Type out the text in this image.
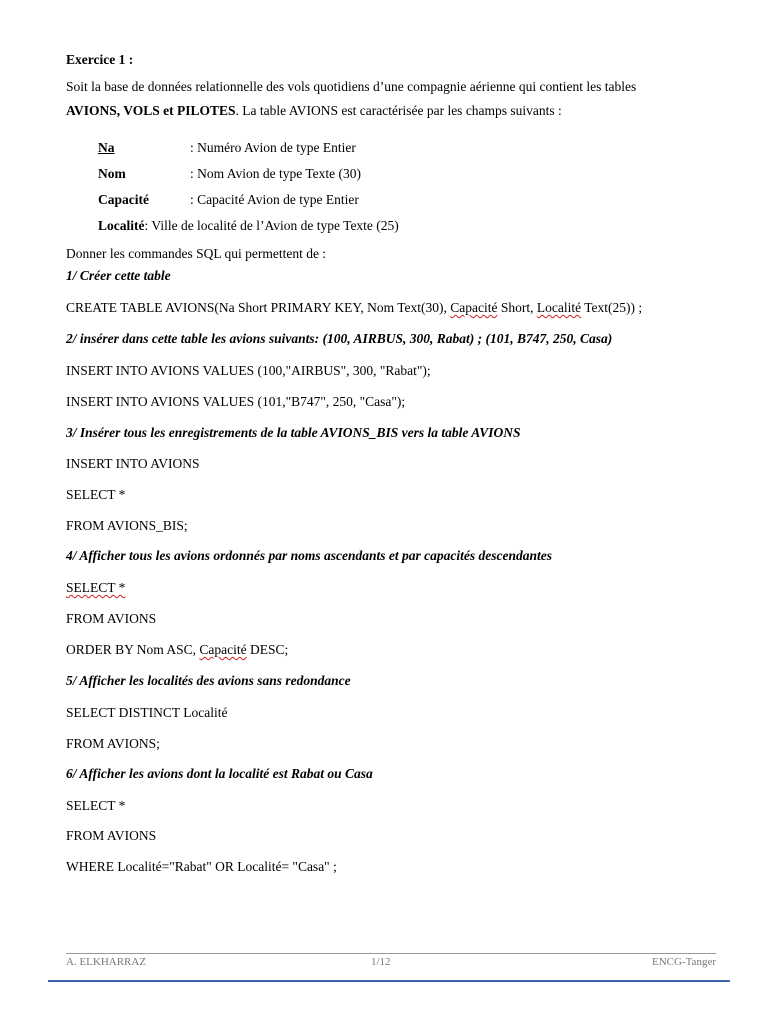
Exercice 1 :
Soit la base de données relationnelle des vols quotidiens d’une compagnie aérienne qui contient les tables
AVIONS, VOLS et PILOTES. La table AVIONS est caractérisée par les champs suivants :
Na	: Numéro Avion de type Entier
Nom	: Nom Avion de type Texte (30)
Capacité	: Capacité Avion de type Entier
Localité: Ville de localité de l’Avion de type Texte (25)
Donner les commandes SQL qui permettent de :
1/ Créer cette table
CREATE TABLE AVIONS(Na Short PRIMARY KEY, Nom Text(30), Capacité Short, Localité Text(25)) ;
2/ insérer dans cette table les avions suivants: (100, AIRBUS, 300, Rabat) ; (101, B747, 250, Casa)
INSERT INTO AVIONS VALUES (100,"AIRBUS", 300, "Rabat");
INSERT INTO AVIONS VALUES (101,"B747", 250, "Casa");
3/ Insérer tous les enregistrements de la table AVIONS_BIS vers la table AVIONS
INSERT INTO AVIONS
SELECT *
FROM AVIONS_BIS;
4/ Afficher tous les avions ordonnés par noms ascendants et par capacités descendantes
SELECT *
FROM AVIONS
ORDER BY Nom ASC, Capacité DESC;
5/ Afficher les localités des avions sans redondance
SELECT DISTINCT Localité
FROM AVIONS;
6/ Afficher les avions dont la localité est Rabat ou Casa
SELECT *
FROM AVIONS
WHERE Localité="Rabat" OR Localité= "Casa" ;
A. ELKHARRAZ	1/12	ENCG-Tanger
